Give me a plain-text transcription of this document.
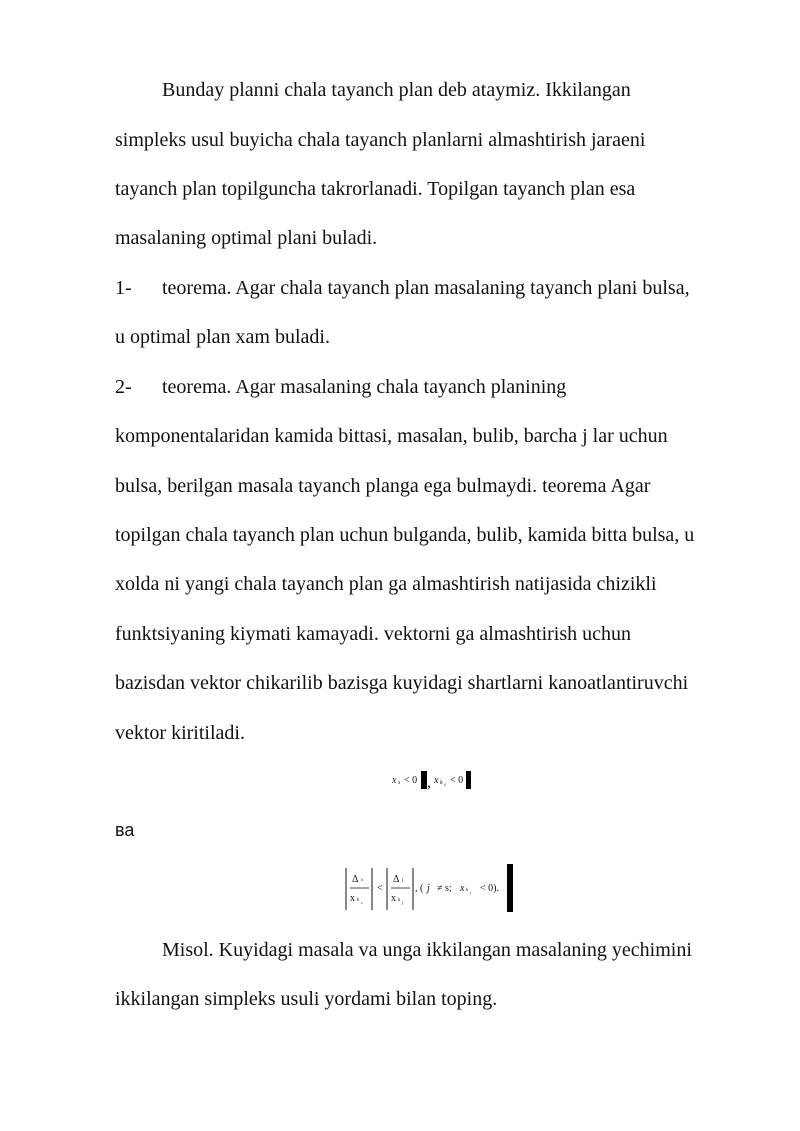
Bunday planni chala tayanch plan deb ataymiz. Ikkilangan
simpleks usul buyicha chala tayanch planlarni almashtirish jaraeni
tayanch plan topilguncha takrorlanadi. Topilgan tayanch plan esa
masalaning optimal plani buladi.
1- teorema. Agar chala tayanch plan masalaning tayanch plani bulsa,
u optimal plan xam buladi.
2- teorema. Agar masalaning chala tayanch planining
komponentalaridan kamida bittasi, masalan, bulib, barcha j lar uchun
bulsa, berilgan masala tayanch planga ega bulmaydi. teorema Agar
topilgan chala tayanch plan uchun bulganda, bulib, kamida bitta bulsa, u
xolda ni yangi chala tayanch plan ga almashtirish natijasida chizikli
funktsiyaning kiymati kamayadi. vektorni ga almashtirish uchun
bazisdan vektor chikarilib bazisga kuyidagi shartlarni kanoatlantiruvchi
vektor kiritiladi.
x s < 0 , x k s < 0
ва
Δ s
x k s
<
Δ j
x k j
, ( j ≠ s; x k j < 0).
Misol. Kuyidagi masala va unga ikkilangan masalaning yechimini
ikkilangan simpleks usuli yordami bilan toping.
